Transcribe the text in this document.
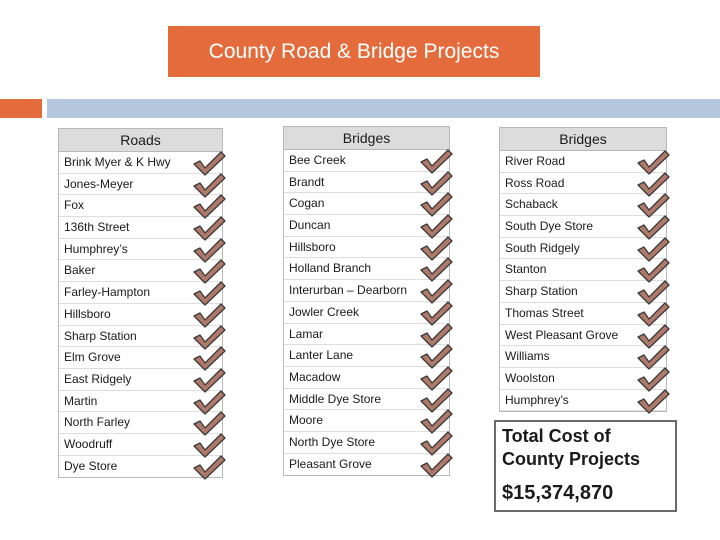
County Road & Bridge Projects
Roads
Brink Myer & K Hwy
Jones-Meyer
Fox
136th Street
Humphrey’s
Baker
Farley-Hampton
Hillsboro
Sharp Station
Elm Grove
East Ridgely
Martin
North Farley
Woodruff
Dye Store
Bridges
Bee Creek
Brandt
Cogan
Duncan
Hillsboro
Holland Branch
Interurban – Dearborn
Jowler Creek
Lamar
Lanter Lane
Macadow
Middle Dye Store
Moore
North Dye Store
Pleasant Grove
Bridges
River Road
Ross Road
Schaback
South Dye Store
South Ridgely
Stanton
Sharp Station
Thomas Street
West Pleasant Grove
Williams
Woolston
Humphrey’s
Total Cost of County Projects
$15,374,870
